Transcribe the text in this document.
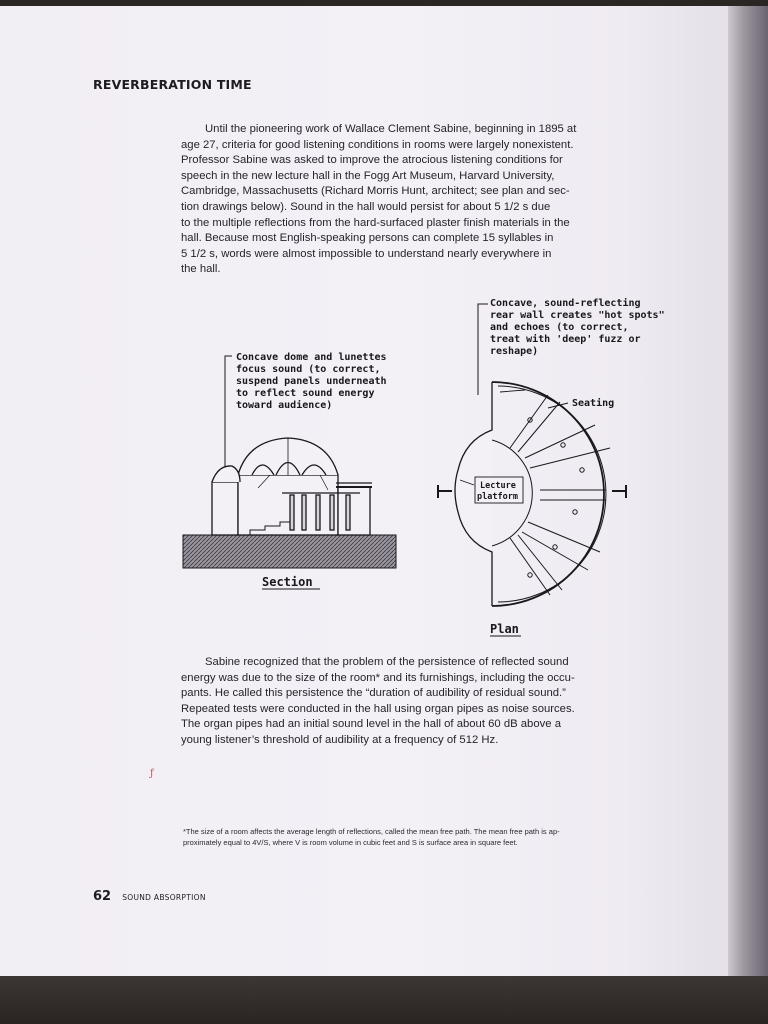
REVERBERATION TIME
Until the pioneering work of Wallace Clement Sabine, beginning in 1895 at
age 27, criteria for good listening conditions in rooms were largely nonexistent.
Professor Sabine was asked to improve the atrocious listening conditions for
speech in the new lecture hall in the Fogg Art Museum, Harvard University,
Cambridge, Massachusetts (Richard Morris Hunt, architect; see plan and sec-
tion drawings below). Sound in the hall would persist for about 5 1/2 s due
to the multiple reflections from the hard-surfaced plaster finish materials in the
hall. Because most English-speaking persons can complete 15 syllables in
5 1/2 s, words were almost impossible to understand nearly everywhere in
the hall.
Concave dome and lunettes focus sound (to correct, suspend panels underneath to reflect sound energy toward audience)
Concave, sound-reflecting rear wall creates "hot spots" and echoes (to correct, treat with 'deep' fuzz or reshape)
Seating
Lecture
platform
Section
Plan
Sabine recognized that the problem of the persistence of reflected sound
energy was due to the size of the room* and its furnishings, including the occu-
pants. He called this persistence the “duration of audibility of residual sound.”
Repeated tests were conducted in the hall using organ pipes as noise sources.
The organ pipes had an initial sound level in the hall of about 60 dB above a
young listener’s threshold of audibility at a frequency of 512 Hz.
ƒ
*The size of a room affects the average length of reflections, called the mean free path. The mean free path is ap-
proximately equal to 4V/S, where V is room volume in cubic feet and S is surface area in square feet.
62 SOUND ABSORPTION
